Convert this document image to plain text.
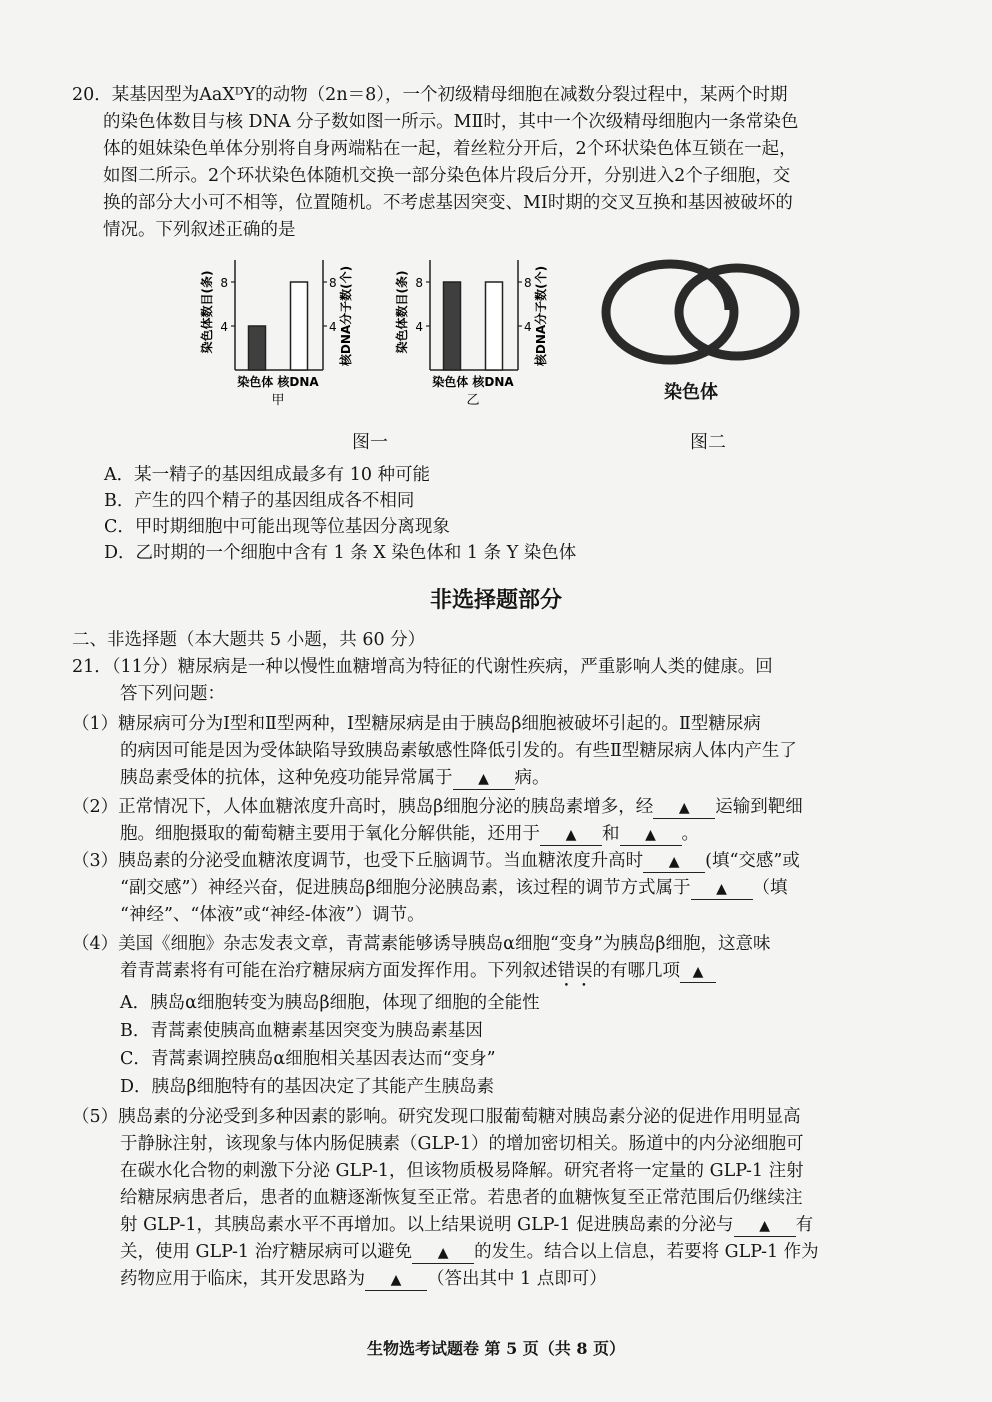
20．某基因型为AaXᴰY的动物（2n＝8），一个初级精母细胞在减数分裂过程中，某两个时期
的染色体数目与核 DNA 分子数如图一所示。MⅡ时，其中一个次级精母细胞内一条常染色
体的姐妹染色单体分别将自身两端粘在一起，着丝粒分开后，2个环状染色体互锁在一起，
如图二所示。2个环状染色体随机交换一部分染色体片段后分开，分别进入2个子细胞，交
换的部分大小可不相等，位置随机。不考虑基因突变、MI时期的交叉互换和基因被破坏的
情况。下列叙述正确的是
4	4
8	8
染色体 核DNA
甲
染色体数目(条)	核DNA分子数(个)	4	4
8	8
染色体 核DNA
乙
染色体数目(条)	核DNA分子数(个)
图一
染色体
图二
A．某一精子的基因组成最多有 10 种可能
B．产生的四个精子的基因组成各不相同
C．甲时期细胞中可能出现等位基因分离现象
D．乙时期的一个细胞中含有 1 条 X 染色体和 1 条 Y 染色体
非选择题部分
二、非选择题（本大题共 5 小题，共 60 分）
21．（11分）糖尿病是一种以慢性血糖增高为特征的代谢性疾病，严重影响人类的健康。回
答下列问题：
（1）糖尿病可分为Ⅰ型和Ⅱ型两种，Ⅰ型糖尿病是由于胰岛β细胞被破坏引起的。Ⅱ型糖尿病
的病因可能是因为受体缺陷导致胰岛素敏感性降低引发的。有些Ⅱ型糖尿病人体内产生了
胰岛素受体的抗体，这种免疫功能异常属于 ▲ 病。
（2）正常情况下，人体血糖浓度升高时，胰岛β细胞分泌的胰岛素增多，经 ▲ 运输到靶细
胞。细胞摄取的葡萄糖主要用于氧化分解供能，还用于 ▲ 和 ▲ 。
（3）胰岛素的分泌受血糖浓度调节，也受下丘脑调节。当血糖浓度升高时 ▲ (填“交感”或
“副交感”）神经兴奋，促进胰岛β细胞分泌胰岛素，该过程的调节方式属于 ▲ （填
“神经”、“体液”或“神经-体液”）调节。
（4）美国《细胞》杂志发表文章，青蒿素能够诱导胰岛α细胞“变身”为胰岛β细胞，这意味
着青蒿素将有可能在治疗糖尿病方面发挥作用。下列叙述错误的有哪几项 ▲
A．胰岛α细胞转变为胰岛β细胞，体现了细胞的全能性
B．青蒿素使胰高血糖素基因突变为胰岛素基因
C．青蒿素调控胰岛α细胞相关基因表达而“变身”
D．胰岛β细胞特有的基因决定了其能产生胰岛素
（5）胰岛素的分泌受到多种因素的影响。研究发现口服葡萄糖对胰岛素分泌的促进作用明显高
于静脉注射，该现象与体内肠促胰素（GLP-1）的增加密切相关。肠道中的内分泌细胞可
在碳水化合物的刺激下分泌 GLP-1，但该物质极易降解。研究者将一定量的 GLP-1 注射
给糖尿病患者后，患者的血糖逐渐恢复至正常。若患者的血糖恢复至正常范围后仍继续注
射 GLP-1，其胰岛素水平不再增加。以上结果说明 GLP-1 促进胰岛素的分泌与 ▲ 有
关，使用 GLP-1 治疗糖尿病可以避免 ▲ 的发生。结合以上信息，若要将 GLP-1 作为
药物应用于临床，其开发思路为 ▲ （答出其中 1 点即可）
生物选考试题卷 第 5 页（共 8 页）
